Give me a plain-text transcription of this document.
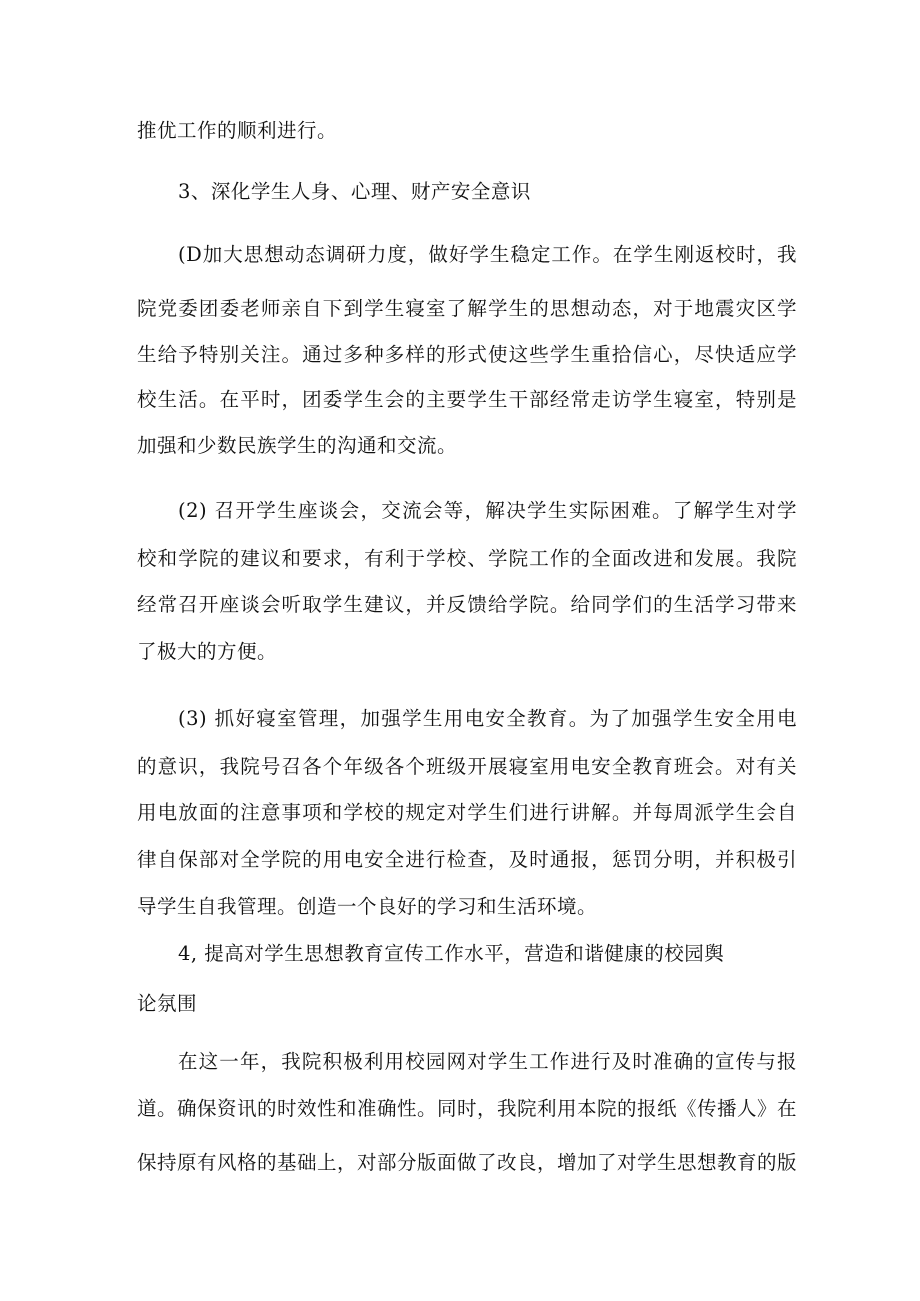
推优工作的顺利进行。
3、深化学生人身、心理、财产安全意识
(D加大思想动态调研力度，做好学生稳定工作。在学生刚返校时，我
院党委团委老师亲自下到学生寝室了解学生的思想动态，对于地震灾区学
生给予特别关注。通过多种多样的形式使这些学生重拾信心，尽快适应学
校生活。在平时，团委学生会的主要学生干部经常走访学生寝室，特别是
加强和少数民族学生的沟通和交流。
(2) 召开学生座谈会，交流会等，解决学生实际困难。了解学生对学
校和学院的建议和要求，有利于学校、学院工作的全面改进和发展。我院
经常召开座谈会听取学生建议，并反馈给学院。给同学们的生活学习带来
了极大的方便。
(3) 抓好寝室管理，加强学生用电安全教育。为了加强学生安全用电
的意识，我院号召各个年级各个班级开展寝室用电安全教育班会。对有关
用电放面的注意事项和学校的规定对学生们进行讲解。并每周派学生会自
律自保部对全学院的用电安全进行检查，及时通报，惩罚分明，并积极引
导学生自我管理。创造一个良好的学习和生活环境。
4, 提高对学生思想教育宣传工作水平，营造和谐健康的校园舆
论氛围
在这一年，我院积极利用校园网对学生工作进行及时准确的宣传与报
道。确保资讯的时效性和准确性。同时，我院利用本院的报纸《传播人》在
保持原有风格的基础上，对部分版面做了改良，增加了对学生思想教育的版
